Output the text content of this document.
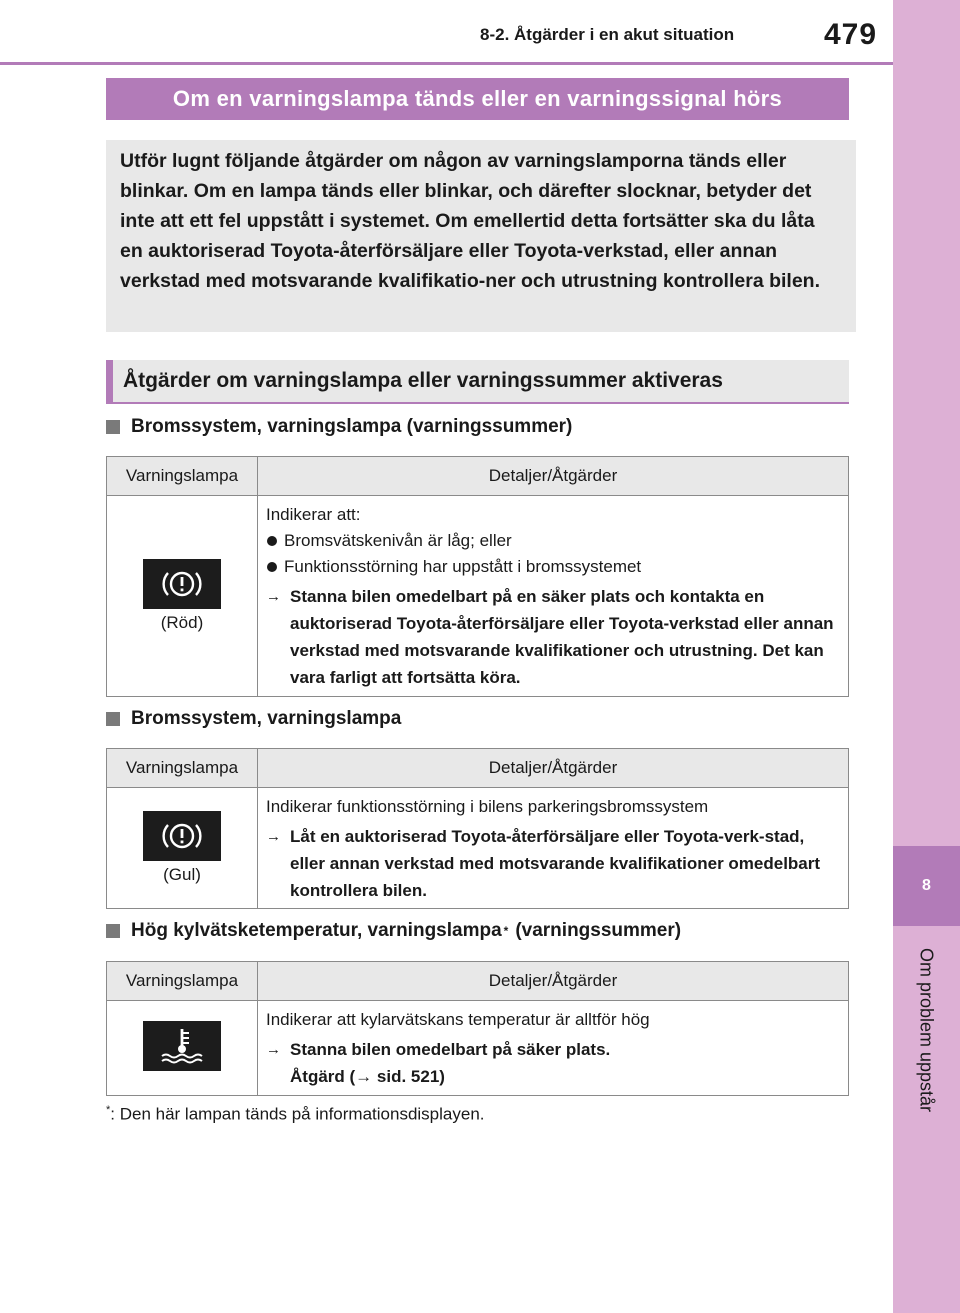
8-2. Åtgärder i en akut situation	479
8
Om problem uppstår
Om en varningslampa tänds eller en varningssignal hörs
Utför lugnt följande åtgärder om någon av varningslamporna tänds eller blinkar. Om en lampa tänds eller blinkar, och därefter slocknar, betyder det inte att ett fel uppstått i systemet. Om emellertid detta fortsätter ska du låta en auktoriserad Toyota-återförsäljare eller Toyota-verkstad, eller annan verkstad med motsvarande kvalifikatio-ner och utrustning kontrollera bilen.
Åtgärder om varningslampa eller varningssummer aktiveras
Bromssystem, varningslampa (varningssummer)
Varningslampa	Detaljer/Åtgärder
(Röd)
Indikerar att:
Bromsvätskenivån är låg; eller
Funktionsstörning har uppstått i bromssystemet
→ Stanna bilen omedelbart på en säker plats och kontakta en auktoriserad Toyota-återförsäljare eller Toyota-verkstad eller annan verkstad med motsvarande kvalifikationer och utrustning. Det kan vara farligt att fortsätta köra.
Bromssystem, varningslampa
Varningslampa	Detaljer/Åtgärder
(Gul)
Indikerar funktionsstörning i bilens parkeringsbromssystem
→ Låt en auktoriserad Toyota-återförsäljare eller Toyota-verk-stad, eller annan verkstad med motsvarande kvalifikationer omedelbart kontrollera bilen.
Hög kylvätsketemperatur, varningslampa * (varningssummer)
Varningslampa	Detaljer/Åtgärder
Indikerar att kylarvätskans temperatur är alltför hög
→ Stanna bilen omedelbart på säker plats.
Åtgärd (→ sid. 521)
*: Den här lampan tänds på informationsdisplayen.
